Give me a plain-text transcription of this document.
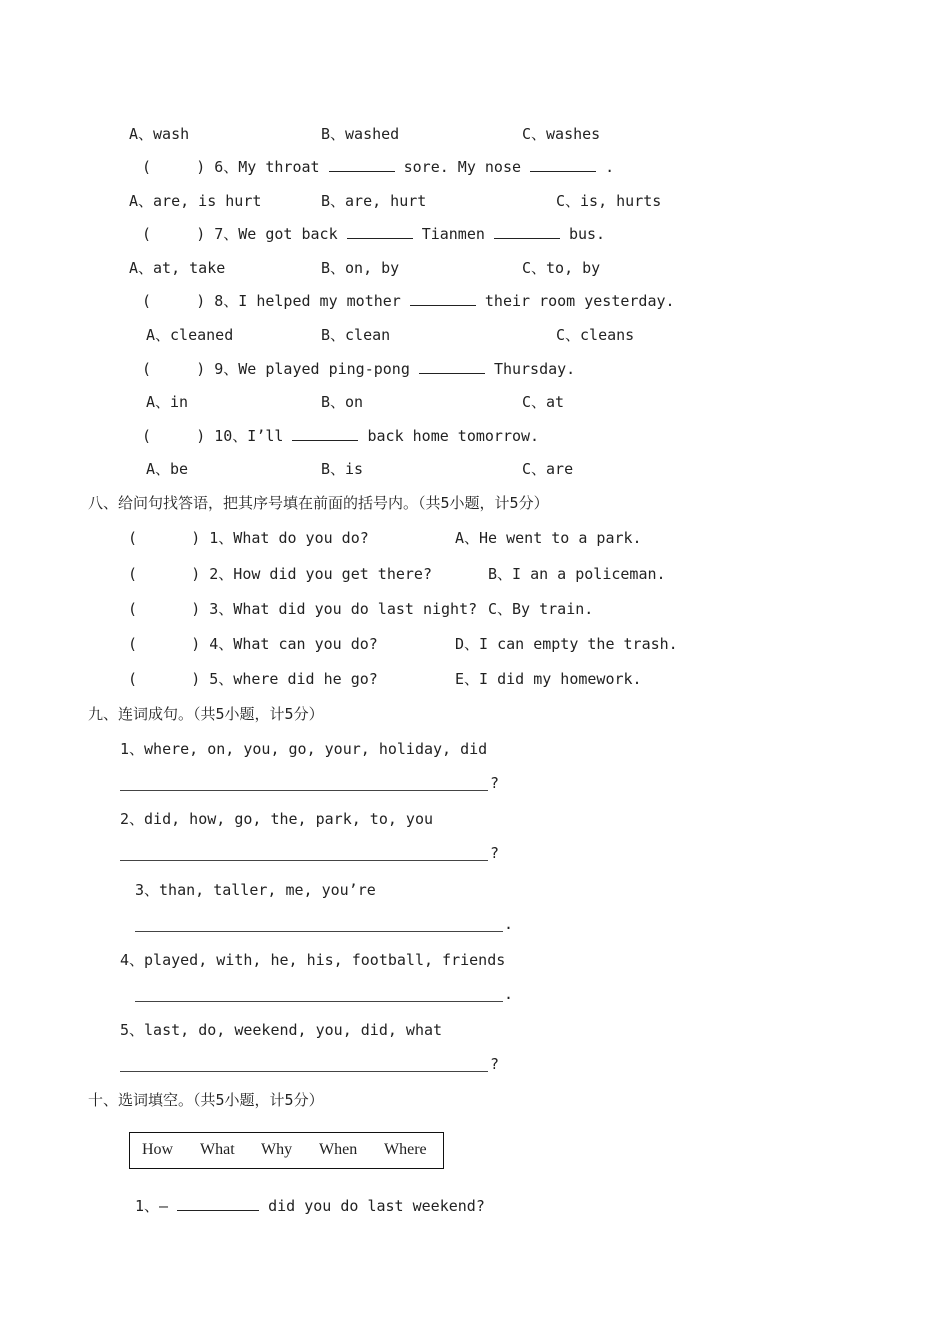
A、wash	B、washed	C、washes
(	) 6、My throat	sore. My nose	.
A、are, is hurt	B、are, hurt	C、is, hurts
(	) 7、We got back	Tianmen	bus.
A、at, take	B、on, by	C、to, by
(	) 8、I helped my mother	their room yesterday.
A、cleaned	B、clean	C、cleans
(	) 9、We played ping-pong	Thursday.
A、in	B、on	C、at
(	) 10、I’ll	back home tomorrow.
A、be	B、is	C、are
八、给问句找答语，把其序号填在前面的括号内。（共5小题，计5分）
(      ) 1、What do you do?	A、He went to a park.
(      ) 2、How did you get there?	B、I an a policeman.
(      ) 3、What did you do last night? C、By train.
(      ) 4、What can you do?	D、I can empty the trash.
(      ) 5、where did he go?	E、I did my homework.
九、连词成句。（共5小题，计5分）
1、where, on, you, go, your, holiday, did
?
2、did, how, go, the, park, to, you
?
3、than, taller, me, you’re
.
4、played, with, he, his, football, friends
.
5、last, do, weekend, you, did, what
?
十、选词填空。（共5小题，计5分）
How What Why When Where
1、—	did you do last weekend?
